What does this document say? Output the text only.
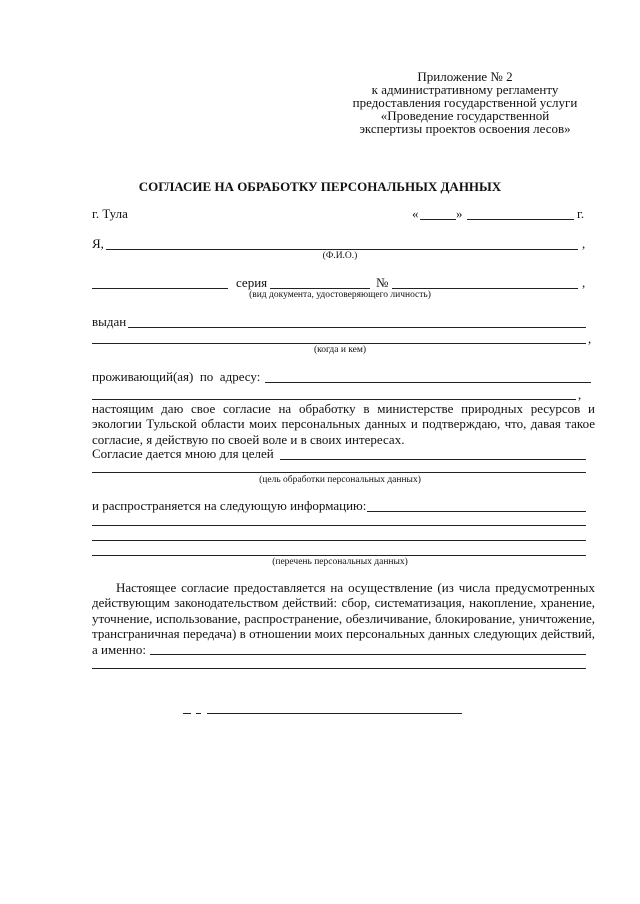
Приложение № 2
к административному регламенту
предоставления государственной услуги
«Проведение государственной
экспертизы проектов освоения лесов»
СОГЛАСИЕ НА ОБРАБОТКУ ПЕРСОНАЛЬНЫХ ДАННЫХ
г. Тула	«	»	г.
Я,	,
(Ф.И.О.)
серия	№	,
(вид документа, удостоверяющего личность)
выдан
,
(когда и кем)
проживающий(ая)  по  адресу:
,
настоящим даю свое согласие на обработку в министерстве природных ресурсов и
экологии Тульской области моих персональных данных и подтверждаю, что, давая такое
согласие, я действую по своей воле и в своих интересах.
Согласие дается мною для целей
(цель обработки персональных данных)
и распространяется на следующую информацию:
(перечень персональных данных)
Настоящее согласие предоставляется на осуществление (из числа предусмотренных
действующим законодательством действий: сбор, систематизация, накопление, хранение,
уточнение, использование, распространение, обезличивание, блокирование, уничтожение,
трансграничная передача) в отношении моих персональных данных следующих действий,
а именно:
